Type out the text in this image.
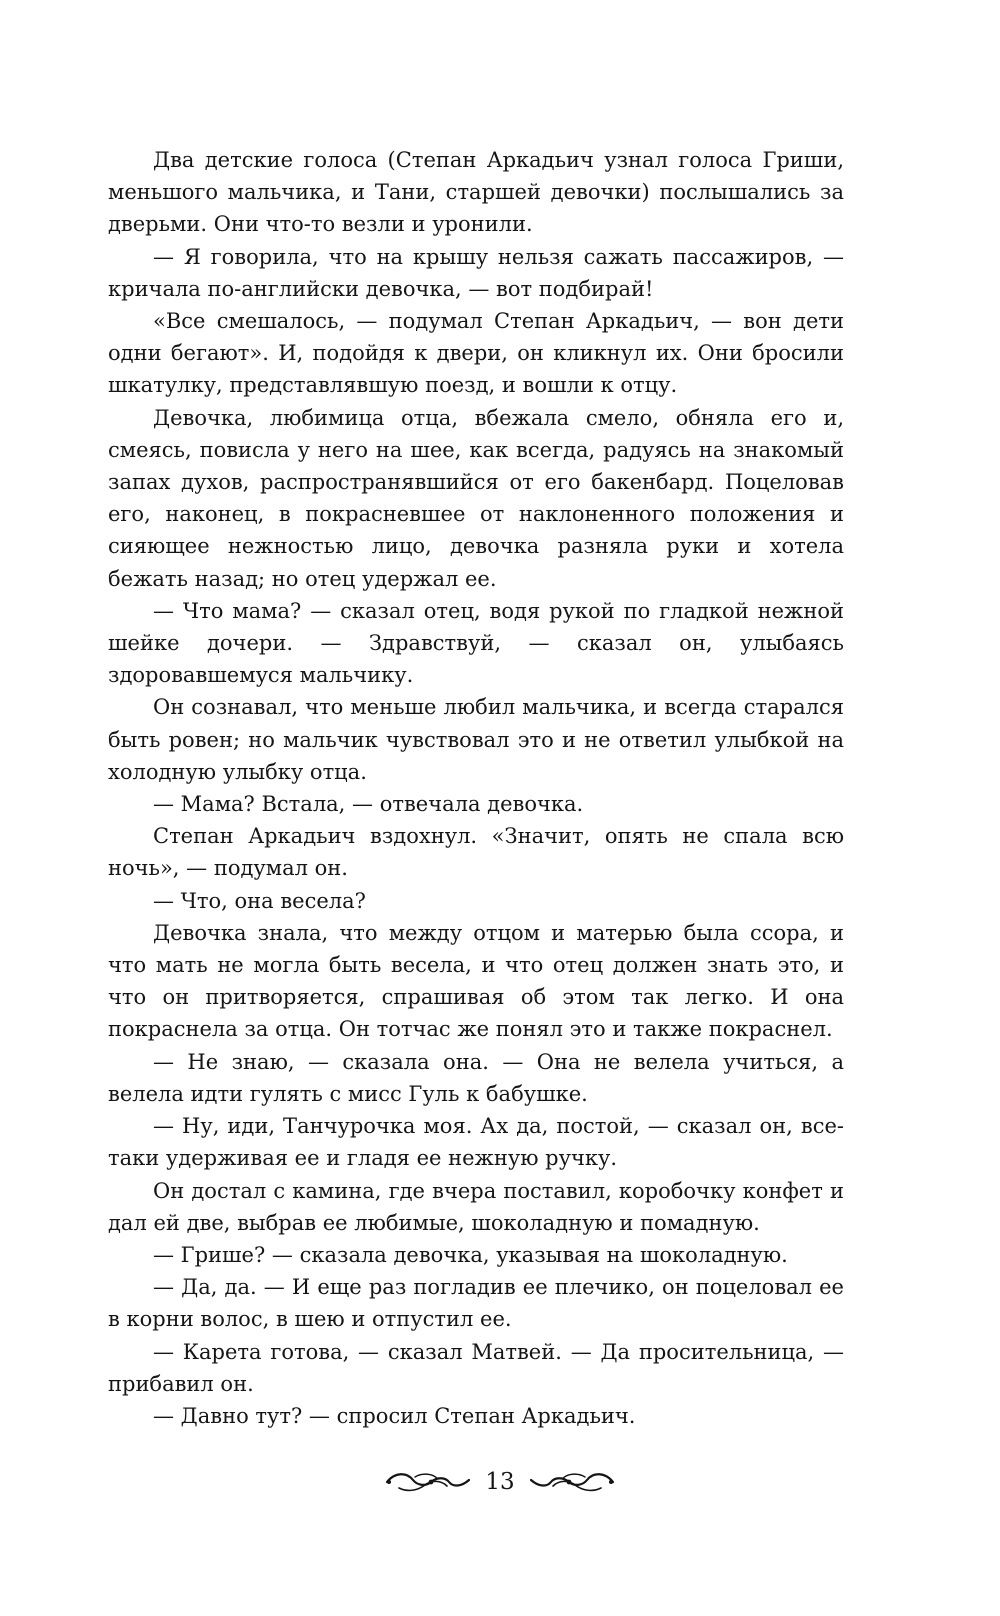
Два детские голоса (Степан Аркадьич узнал голоса Гриши, меньшого мальчика, и Тани, старшей девочки) послышались за дверьми. Они что-то везли и уронили.

— Я говорила, что на крышу нельзя сажать пассажиров, — кричала по-английски девочка, — вот подбирай!

«Все смешалось, — подумал Степан Аркадьич, — вон дети одни бегают». И, подойдя к двери, он кликнул их. Они бросили шкатулку, представлявшую поезд, и вошли к отцу.

Девочка, любимица отца, вбежала смело, обняла его и, смеясь, повисла у него на шее, как всегда, радуясь на знакомый запах духов, распространявшийся от его бакенбард. Поцеловав его, наконец, в покрасневшее от наклоненного положения и сияющее нежностью лицо, девочка разняла руки и хотела бежать назад; но отец удержал ее.

— Что мама? — сказал отец, водя рукой по гладкой нежной шейке дочери. — Здравствуй, — сказал он, улыбаясь здоровавшемуся мальчику.

Он сознавал, что меньше любил мальчика, и всегда старался быть ровен; но мальчик чувствовал это и не ответил улыбкой на холодную улыбку отца.

— Мама? Встала, — отвечала девочка.

Степан Аркадьич вздохнул. «Значит, опять не спала всю ночь», — подумал он.

— Что, она весела?

Девочка знала, что между отцом и матерью была ссора, и что мать не могла быть весела, и что отец должен знать это, и что он притворяется, спрашивая об этом так легко. И она покраснела за отца. Он тотчас же понял это и также покраснел.

— Не знаю, — сказала она. — Она не велела учиться, а велела идти гулять с мисс Гуль к бабушке.

— Ну, иди, Танчурочка моя. Ах да, постой, — сказал он, все-таки удерживая ее и гладя ее нежную ручку.

Он достал с камина, где вчера поставил, коробочку конфет и дал ей две, выбрав ее любимые, шоколадную и помадную.

— Грише? — сказала девочка, указывая на шоколадную.

— Да, да. — И еще раз погладив ее плечико, он поцеловал ее в корни волос, в шею и отпустил ее.

— Карета готова, — сказал Матвей. — Да просительница, — прибавил он.

— Давно тут? — спросил Степан Аркадьич.

13
